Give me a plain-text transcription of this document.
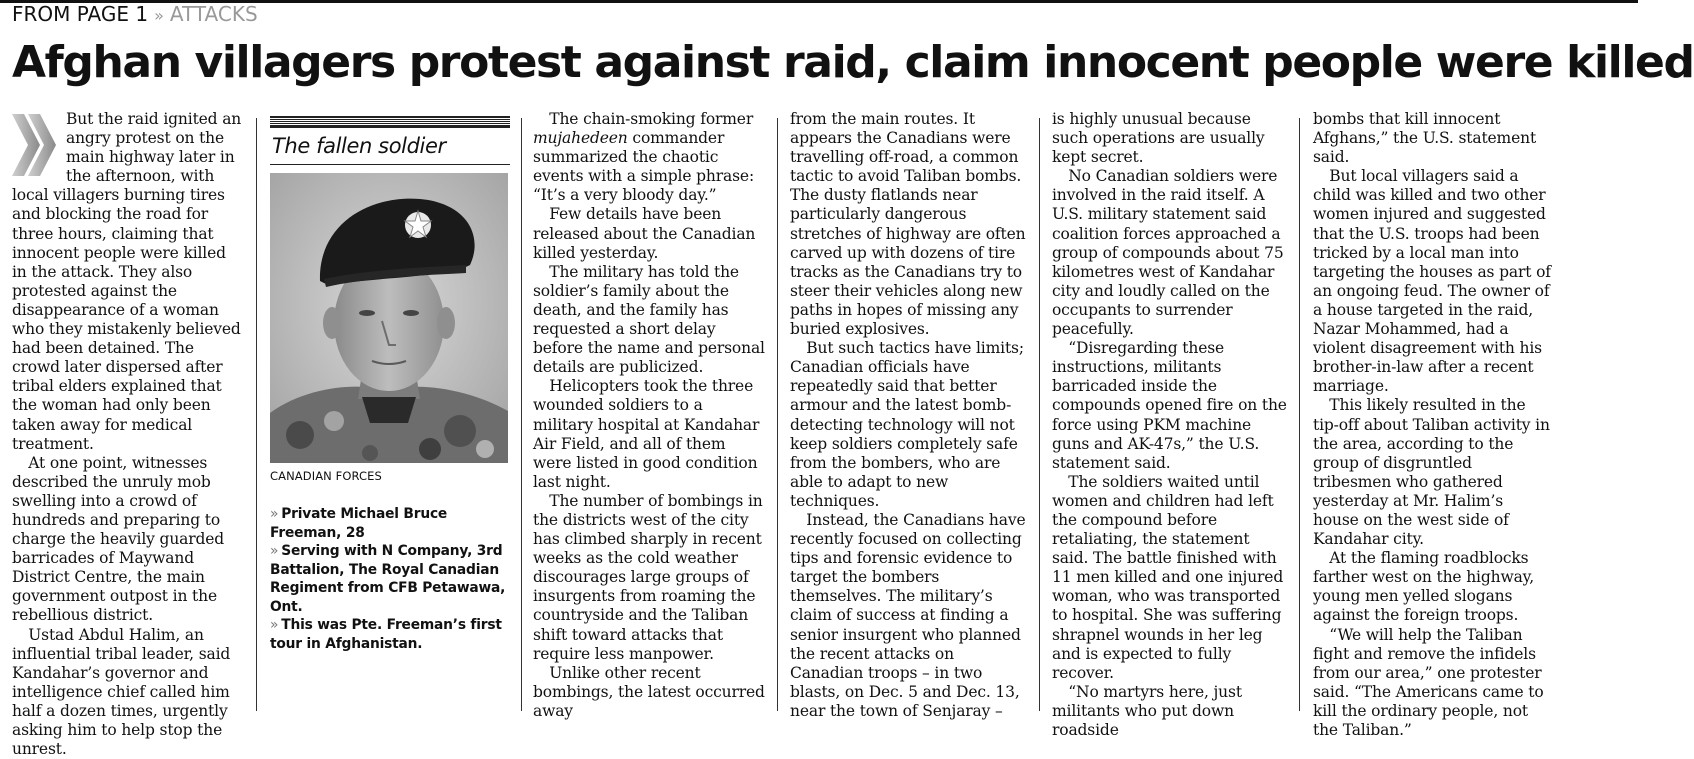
FROM PAGE 1 » ATTACKS
Afghan villagers protest against raid, claim innocent people were killed

But the raid ignited an angry protest on the main highway later in the afternoon, with local villagers burning tires and blocking the road for three hours, claiming that innocent people were killed in the attack. They also protested against the disappearance of a woman who they mistakenly believed had been detained. The crowd later dispersed after tribal elders explained that the woman had only been taken away for medical treatment.

At one point, witnesses described the unruly mob swelling into a crowd of hundreds and preparing to charge the heavily guarded barricades of Maywand District Centre, the main government outpost in the rebellious district.

Ustad Abdul Halim, an influential tribal leader, said Kandahar’s governor and intelligence chief called him half a dozen times, urgently asking him to help stop the unrest.

The fallen soldier
CANADIAN FORCES
» Private Michael Bruce Freeman, 28
» Serving with N Company, 3rd Battalion, The Royal Canadian Regiment from CFB Petawawa, Ont.
» This was Pte. Freeman’s first tour in Afghanistan.

The chain-smoking former mujahedeen commander summarized the chaotic events with a simple phrase: “It’s a very bloody day.”

Few details have been released about the Canadian killed yesterday.

The military has told the soldier’s family about the death, and the family has requested a short delay before the name and personal details are publicized.

Helicopters took the three wounded soldiers to a military hospital at Kandahar Air Field, and all of them were listed in good condition last night.

The number of bombings in the districts west of the city has climbed sharply in recent weeks as the cold weather discourages large groups of insurgents from roaming the countryside and the Taliban shift toward attacks that require less manpower.

Unlike other recent bombings, the latest occurred away

from the main routes. It appears the Canadians were travelling off-road, a common tactic to avoid Taliban bombs. The dusty flatlands near particularly dangerous stretches of highway are often carved up with dozens of tire tracks as the Canadians try to steer their vehicles along new paths in hopes of missing any buried explosives.

But such tactics have limits; Canadian officials have repeatedly said that better armour and the latest bomb-detecting technology will not keep soldiers completely safe from the bombers, who are able to adapt to new techniques.

Instead, the Canadians have recently focused on collecting tips and forensic evidence to target the bombers themselves. The military’s claim of success at finding a senior insurgent who planned the recent attacks on Canadian troops – in two blasts, on Dec. 5 and Dec. 13, near the town of Senjaray –

is highly unusual because such operations are usually kept secret.

No Canadian soldiers were involved in the raid itself. A U.S. military statement said coalition forces approached a group of compounds about 75 kilometres west of Kandahar city and loudly called on the occupants to surrender peacefully.

“Disregarding these instructions, militants barricaded inside the compounds opened fire on the force using PKM machine guns and AK-47s,” the U.S. statement said.

The soldiers waited until women and children had left the compound before retaliating, the statement said. The battle finished with 11 men killed and one injured woman, who was transported to hospital. She was suffering shrapnel wounds in her leg and is expected to fully recover.

“No martyrs here, just militants who put down roadside

bombs that kill innocent Afghans,” the U.S. statement said.

But local villagers said a child was killed and two other women injured and suggested that the U.S. troops had been tricked by a local man into targeting the houses as part of an ongoing feud. The owner of a house targeted in the raid, Nazar Mohammed, had a violent disagreement with his brother-in-law after a recent marriage.

This likely resulted in the tip-off about Taliban activity in the area, according to the group of disgruntled tribesmen who gathered yesterday at Mr. Halim’s house on the west side of Kandahar city.

At the flaming roadblocks farther west on the highway, young men yelled slogans against the foreign troops.

“We will help the Taliban fight and remove the infidels from our area,” one protester said. “The Americans came to kill the ordinary people, not the Taliban.”
